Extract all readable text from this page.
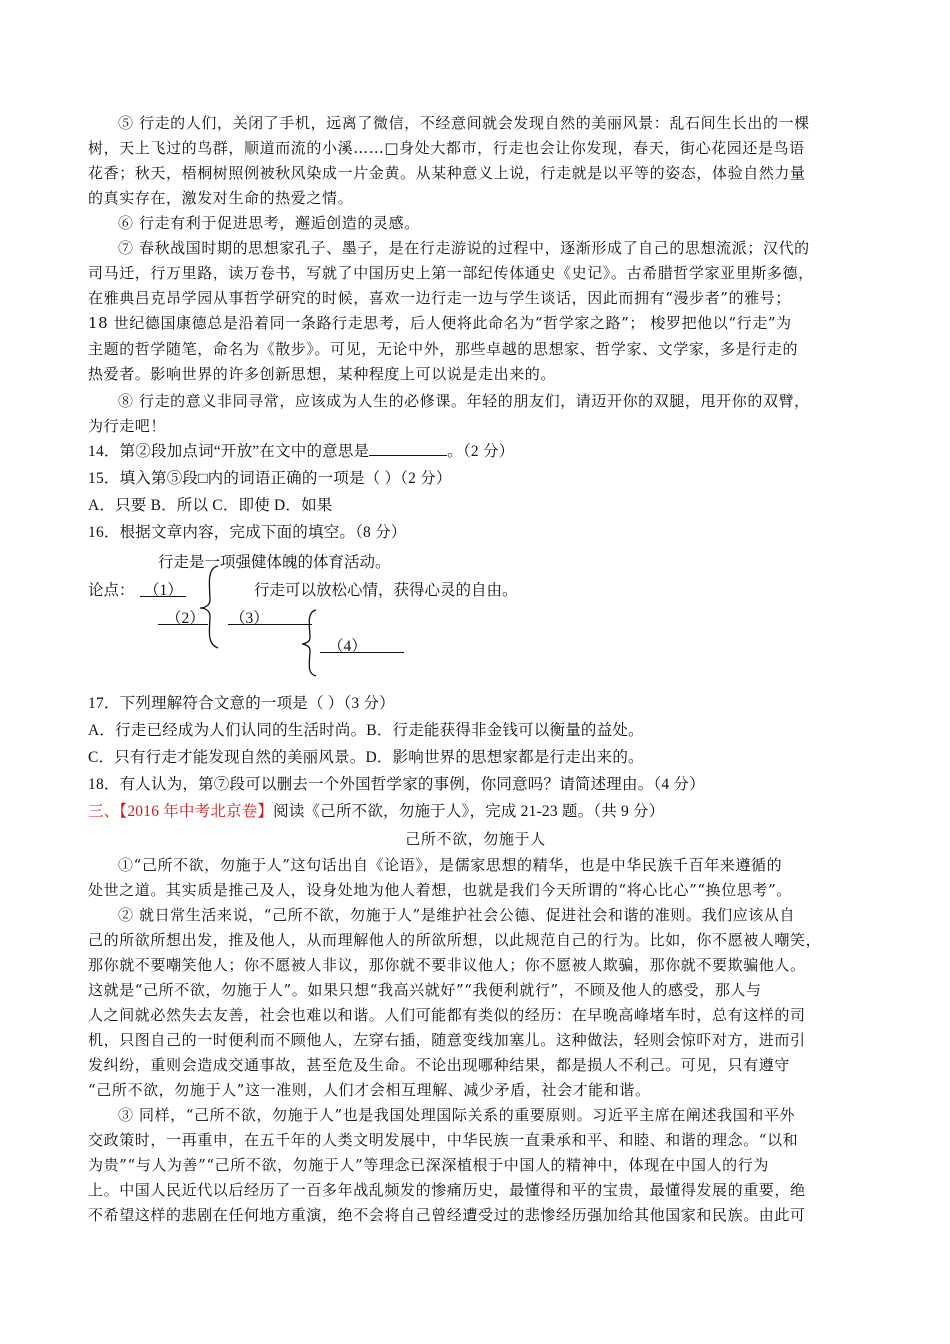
⑤ 行走的人们，关闭了手机，远离了微信，不经意间就会发现自然的美丽风景：乱石间生长出的一棵
树，天上飞过的鸟群，顺道而流的小溪……□身处大都市，行走也会让你发现，春天，街心花园还是鸟语
花香；秋天，梧桐树照例被秋风染成一片金黄。从某种意义上说，行走就是以平等的姿态，体验自然力量
的真实存在，激发对生命的热爱之情。
⑥ 行走有利于促进思考，邂逅创造的灵感。
⑦ 春秋战国时期的思想家孔子、墨子，是在行走游说的过程中，逐渐形成了自己的思想流派；汉代的
司马迁，行万里路，读万卷书，写就了中国历史上第一部纪传体通史《史记》。古希腊哲学家亚里斯多德，
在雅典吕克昂学园从事哲学研究的时候，喜欢一边行走一边与学生谈话，因此而拥有“漫步者”的雅号；
18 世纪德国康德总是沿着同一条路行走思考，后人便将此命名为“哲学家之路”； 梭罗把他以“行走”为
主题的哲学随笔，命名为《散步》。可见，无论中外，那些卓越的思想家、哲学家、文学家，多是行走的
热爱者。影响世界的许多创新思想，某种程度上可以说是走出来的。
⑧ 行走的意义非同寻常，应该成为人生的必修课。年轻的朋友们，请迈开你的双腿，甩开你的双臂，
为行走吧！
14．第②段加点词“开放”在文中的意思是	。（2 分）
15．填入第⑤段□内的词语正确的一项是（ ）（2 分）
A．只要 B．所以 C．即使 D．如果
16．根据文章内容，完成下面的填空。（8 分）
行走是一项强健体魄的体育活动。
论点： （1）	行走可以放松心情，获得心灵的自由。
（2） （3）
（4）
17．下列理解符合文意的一项是（ ）（3 分）
A．行走已经成为人们认同的生活时尚。B．行走能获得非金钱可以衡量的益处。
C．只有行走才能发现自然的美丽风景。D．影响世界的思想家都是行走出来的。
18．有人认为，第⑦段可以删去一个外国哲学家的事例，你同意吗？请简述理由。（4 分）
三、【2016 年中考北京卷】阅读《己所不欲，勿施于人》，完成 21-23 题。（共 9 分）
己所不欲，勿施于人
①“己所不欲，勿施于人”这句话出自《论语》，是儒家思想的精华，也是中华民族千百年来遵循的
处世之道。其实质是推己及人，设身处地为他人着想，也就是我们今天所谓的“将心比心”“换位思考”。
② 就日常生活来说，“己所不欲，勿施于人”是维护社会公德、促进社会和谐的准则。我们应该从自
己的所欲所想出发，推及他人，从而理解他人的所欲所想，以此规范自己的行为。比如，你不愿被人嘲笑，
那你就不要嘲笑他人；你不愿被人非议，那你就不要非议他人；你不愿被人欺骗，那你就不要欺骗他人。
这就是“己所不欲，勿施于人”。如果只想“我高兴就好”“我便利就行”，不顾及他人的感受，那人与
人之间就必然失去友善，社会也难以和谐。人们可能都有类似的经历：在早晚高峰堵车时，总有这样的司
机，只图自己的一时便利而不顾他人，左穿右插，随意变线加塞儿。这种做法，轻则会惊吓对方，进而引
发纠纷，重则会造成交通事故，甚至危及生命。不论出现哪种结果，都是损人不利己。可见，只有遵守
“己所不欲，勿施于人”这一准则，人们才会相互理解、减少矛盾，社会才能和谐。
③ 同样，“己所不欲，勿施于人”也是我国处理国际关系的重要原则。习近平主席在阐述我国和平外
交政策时，一再重申，在五千年的人类文明发展中，中华民族一直秉承和平、和睦、和谐的理念。“以和
为贵”“与人为善”“己所不欲，勿施于人”等理念已深深植根于中国人的精神中，体现在中国人的行为
上。中国人民近代以后经历了一百多年战乱频发的惨痛历史，最懂得和平的宝贵，最懂得发展的重要，绝
不希望这样的悲剧在任何地方重演，绝不会将自己曾经遭受过的悲惨经历强加给其他国家和民族。由此可
